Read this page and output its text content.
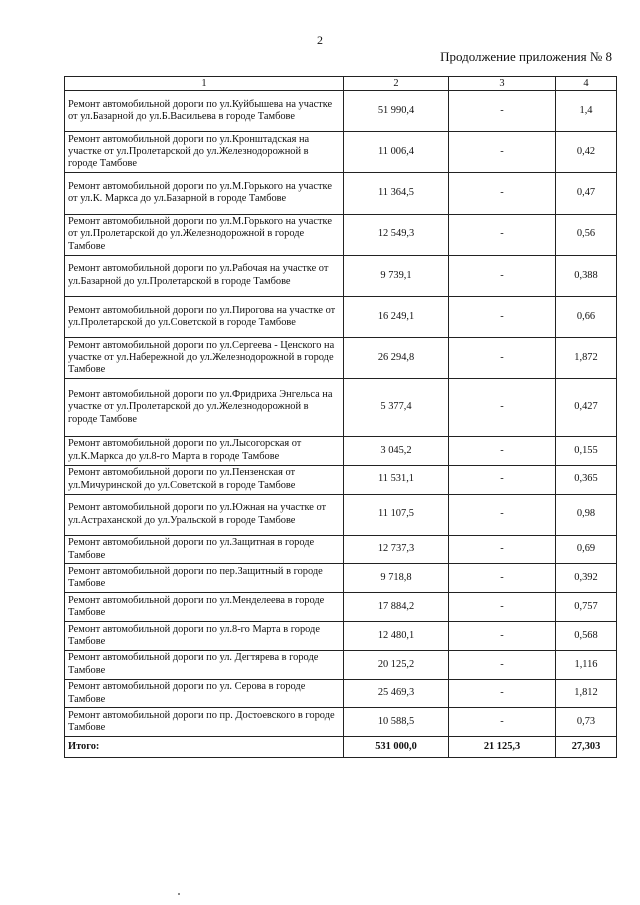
2
Продолжение приложения № 8
1	2	3	4
Ремонт автомобильной дороги по ул.Куйбышева на участке от ул.Базарной до ул.Б.Васильева в городе Тамбове	51 990,4	-	1,4
Ремонт автомобильной дороги по ул.Кронштадская на участке от ул.Пролетарской до ул.Железнодорожной в городе Тамбове	11 006,4	-	0,42
Ремонт автомобильной дороги по ул.М.Горького на участке от ул.К. Маркса до ул.Базарной в городе Тамбове	11 364,5	-	0,47
Ремонт автомобильной дороги по ул.М.Горького на участке от ул.Пролетарской до ул.Железнодорожной в городе Тамбове	12 549,3	-	0,56
Ремонт автомобильной дороги по ул.Рабочая на участке от ул.Базарной до ул.Пролетарской в городе Тамбове	9 739,1	-	0,388
Ремонт автомобильной дороги по ул.Пирогова на участке от ул.Пролетарской до ул.Советской в городе Тамбове	16 249,1	-	0,66
Ремонт автомобильной дороги по ул.Сергеева - Ценского на участке от ул.Набережной до ул.Железнодорожной в городе Тамбове	26 294,8	-	1,872
Ремонт автомобильной дороги по ул.Фридриха Энгельса на участке от ул.Пролетарской до ул.Железнодорожной в городе Тамбове	5 377,4	-	0,427
Ремонт автомобильной дороги по ул.Лысогорская от ул.К.Маркса до ул.8-го Марта в городе Тамбове	3 045,2	-	0,155
Ремонт автомобильной дороги по ул.Пензенская от ул.Мичуринской до ул.Советской в городе Тамбове	11 531,1	-	0,365
Ремонт автомобильной дороги по ул.Южная на участке от ул.Астраханской до ул.Уральской в городе Тамбове	11 107,5	-	0,98
Ремонт автомобильной дороги по ул.Защитная в городе Тамбове	12 737,3	-	0,69
Ремонт автомобильной дороги по пер.Защитный в городе Тамбове	9 718,8	-	0,392
Ремонт автомобильной дороги по ул.Менделеева в городе Тамбове	17 884,2	-	0,757
Ремонт автомобильной дороги по ул.8-го Марта в городе Тамбове	12 480,1	-	0,568
Ремонт автомобильной дороги по ул. Дегтярева в городе Тамбове	20 125,2	-	1,116
Ремонт автомобильной дороги по ул. Серова в городе Тамбове	25 469,3	-	1,812
Ремонт автомобильной дороги по пр. Достоевского в городе Тамбове	10 588,5	-	0,73
Итого:	531 000,0	21 125,3	27,303
